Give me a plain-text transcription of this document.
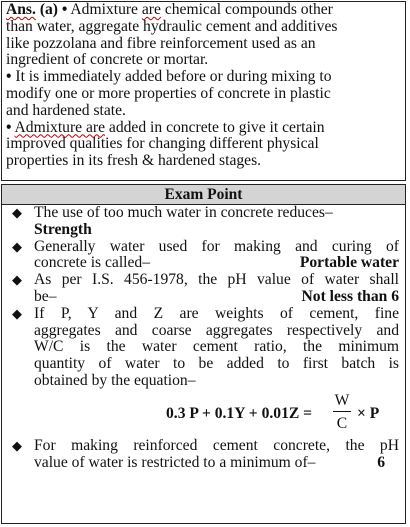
Ans. (a) • Admixture are chemical compounds other

than water, aggregate hydraulic cement and additives

like pozzolana and fibre reinforcement used as an

ingredient of concrete or mortar.

• It is immediately added before or during mixing to

modify one or more properties of concrete in plastic

and hardened state.

• Admixture are added in concrete to give it certain

improved qualities for changing different physical

properties in its fresh & hardened stages.

Exam Point
◆ The use of too much water in concrete reduces–
Strength
◆ Generally water used for making and curing of
concrete is called–	Portable water
◆ As per I.S. 456-1978, the pH value of water shall
be–	Not less than 6
◆ If P, Y and Z are weights of cement, fine
aggregates and coarse aggregates respectively and
W/C is the water cement ratio, the minimum
quantity of water to be added to first batch is
obtained by the equation–
0.3 P + 0.1Y + 0.01Z =
W
C
× P
◆ For making reinforced cement concrete, the pH
value of water is restricted to a minimum of–	6
